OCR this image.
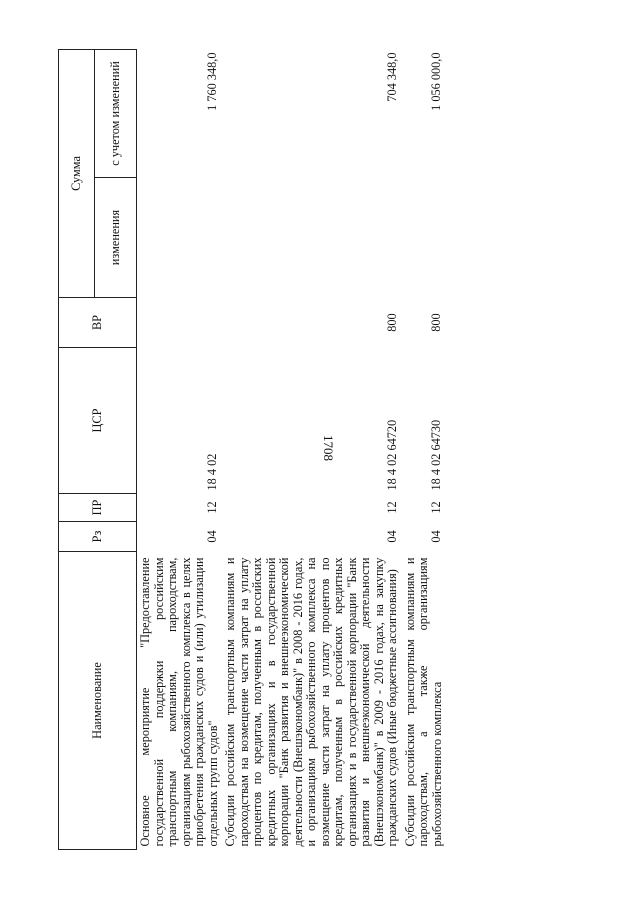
1708
Наименование	Рз	ПР	ЦСР	ВР	Сумма	
					изменения	с учетом изменений
Основное мероприятие "Предоставление государственной поддержки российским транспортным компаниям, пароходствам, организациям рыбохозяйственного комплекса в целях приобретения гражданских судов и (или) утилизации отдельных групп судов"	04	12	18 4 02			1 760 348,0
Субсидии российским транспортным компаниям и пароходствам на возмещение части затрат на уплату процентов по кредитам, полученным в российских кредитных организациях и в государственной корпорации "Банк развития и внешнеэкономической деятельности (Внешэкономбанк)" в 2008 - 2016 годах, и организациям рыбохозяйственного комплекса на возмещение части затрат на уплату процентов по кредитам, полученным в российских кредитных организациях и в государственной корпорации "Банк развития и внешнеэкономической деятельности (Внешэкономбанк)" в 2009 - 2016 годах, на закупку гражданских судов (Иные бюджетные ассигнования)	04	12	18 4 02 64720	800		704 348,0
Субсидии российским транспортным компаниям и пароходствам, а также организациям рыбохозяйственного комплекса	04	12	18 4 02 64730	800		1 056 000,0
